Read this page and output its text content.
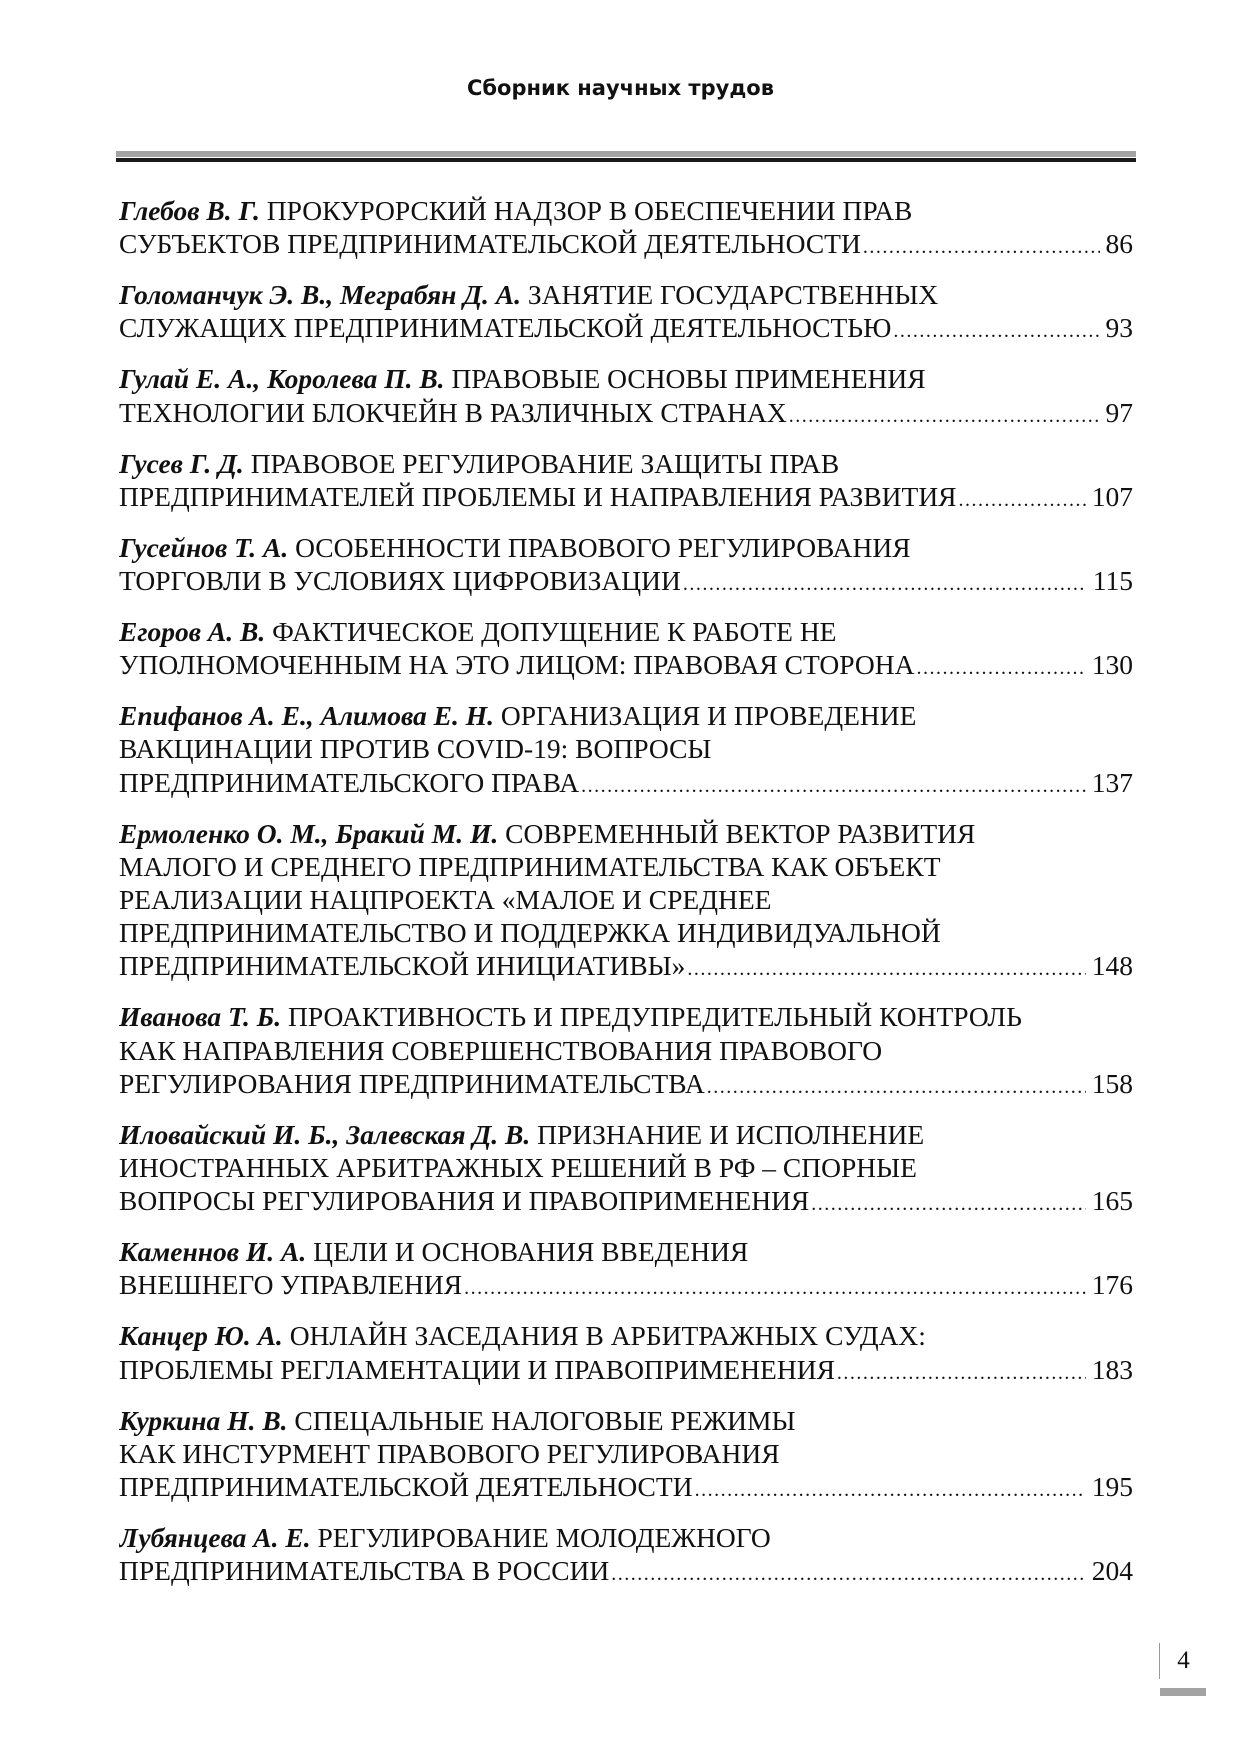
Сборник научных трудов
Глебов В. Г. ПРОКУРОРСКИЙ НАДЗОР В ОБЕСПЕЧЕНИИ ПРАВ
СУБЪЕКТОВ ПРЕДПРИНИМАТЕЛЬСКОЙ ДЕЯТЕЛЬНОСТИ .....	86
Голоманчук Э. В., Меграбян Д. А. ЗАНЯТИЕ ГОСУДАРСТВЕННЫХ
СЛУЖАЩИХ ПРЕДПРИНИМАТЕЛЬСКОЙ ДЕЯТЕЛЬНОСТЬЮ .....	93
Гулай Е. А., Королева П. В. ПРАВОВЫЕ ОСНОВЫ ПРИМЕНЕНИЯ
ТЕХНОЛОГИИ БЛОКЧЕЙН В РАЗЛИЧНЫХ СТРАНАХ .....	97
Гусев Г. Д. ПРАВОВОЕ РЕГУЛИРОВАНИЕ ЗАЩИТЫ ПРАВ
ПРЕДПРИНИМАТЕЛЕЙ ПРОБЛЕМЫ И НАПРАВЛЕНИЯ РАЗВИТИЯ .....	107
Гусейнов Т. А. ОСОБЕННОСТИ ПРАВОВОГО РЕГУЛИРОВАНИЯ
ТОРГОВЛИ В УСЛОВИЯХ ЦИФРОВИЗАЦИИ .....	115
Егоров А. В. ФАКТИЧЕСКОЕ ДОПУЩЕНИЕ К РАБОТЕ НЕ
УПОЛНОМОЧЕННЫМ НА ЭТО ЛИЦОМ: ПРАВОВАЯ СТОРОНА .....	130
Епифанов А. Е., Алимова Е. Н. ОРГАНИЗАЦИЯ И ПРОВЕДЕНИЕ
ВАКЦИНАЦИИ ПРОТИВ COVID-19: ВОПРОСЫ
ПРЕДПРИНИМАТЕЛЬСКОГО ПРАВА .....	137
Ермоленко О. М., Бракий М. И. СОВРЕМЕННЫЙ ВЕКТОР РАЗВИТИЯ
МАЛОГО И СРЕДНЕГО ПРЕДПРИНИМАТЕЛЬСТВА КАК ОБЪЕКТ
РЕАЛИЗАЦИИ НАЦПРОЕКТА «МАЛОЕ И СРЕДНЕЕ
ПРЕДПРИНИМАТЕЛЬСТВО И ПОДДЕРЖКА ИНДИВИДУАЛЬНОЙ
ПРЕДПРИНИМАТЕЛЬСКОЙ ИНИЦИАТИВЫ» .....	148
Иванова Т. Б. ПРОАКТИВНОСТЬ И ПРЕДУПРЕДИТЕЛЬНЫЙ КОНТРОЛЬ
КАК НАПРАВЛЕНИЯ СОВЕРШЕНСТВОВАНИЯ ПРАВОВОГО
РЕГУЛИРОВАНИЯ ПРЕДПРИНИМАТЕЛЬСТВА .....	158
Иловайский И. Б., Залевская Д. В. ПРИЗНАНИЕ И ИСПОЛНЕНИЕ
ИНОСТРАННЫХ АРБИТРАЖНЫХ РЕШЕНИЙ В РФ – СПОРНЫЕ
ВОПРОСЫ РЕГУЛИРОВАНИЯ И ПРАВОПРИМЕНЕНИЯ .....	165
Каменнов И. А. ЦЕЛИ И ОСНОВАНИЯ ВВЕДЕНИЯ
ВНЕШНЕГО УПРАВЛЕНИЯ .....	176
Канцер Ю. А. ОНЛАЙН ЗАСЕДАНИЯ В АРБИТРАЖНЫХ СУДАХ:
ПРОБЛЕМЫ РЕГЛАМЕНТАЦИИ И ПРАВОПРИМЕНЕНИЯ .....	183
Куркина Н. В. СПЕЦАЛЬНЫЕ НАЛОГОВЫЕ РЕЖИМЫ
КАК ИНСТУРМЕНТ ПРАВОВОГО РЕГУЛИРОВАНИЯ
ПРЕДПРИНИМАТЕЛЬСКОЙ ДЕЯТЕЛЬНОСТИ .....	195
Лубянцева А. Е. РЕГУЛИРОВАНИЕ МОЛОДЕЖНОГО
ПРЕДПРИНИМАТЕЛЬСТВА В РОССИИ .....	204
4
